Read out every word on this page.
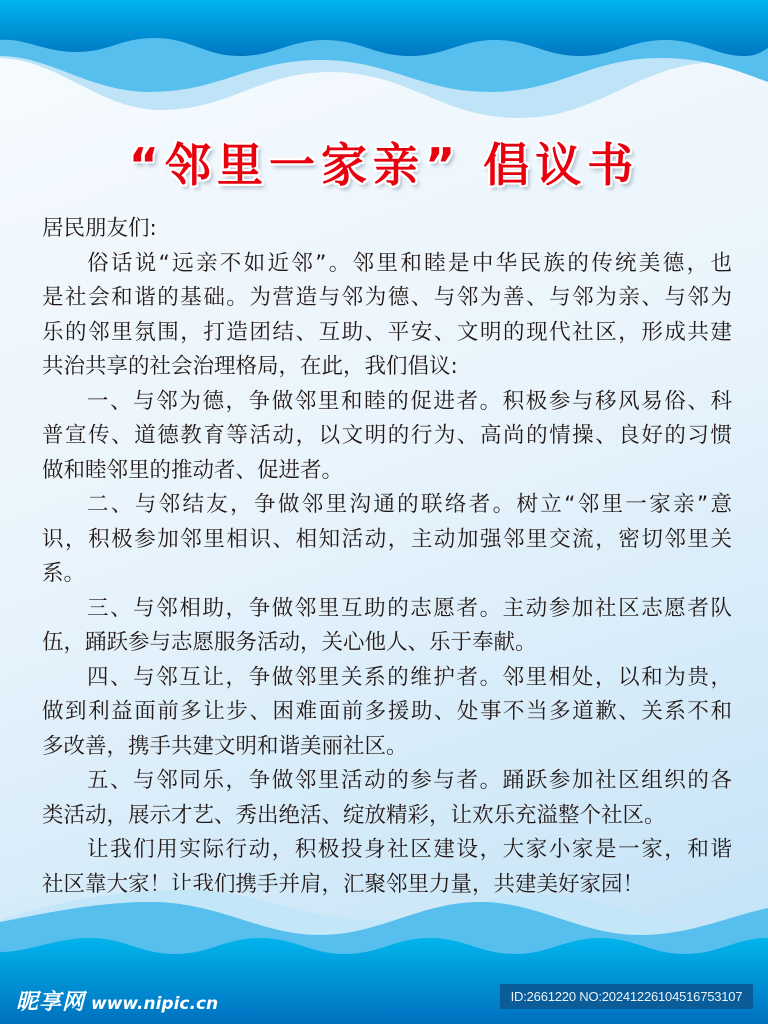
“邻里一家亲” 倡议书
居民朋友们:
俗话说“远亲不如近邻”。邻里和睦是中华民族的传统美德，也
是社会和谐的基础。为营造与邻为德、与邻为善、与邻为亲、与邻为
乐的邻里氛围，打造团结、互助、平安、文明的现代社区，形成共建
共治共享的社会治理格局，在此，我们倡议:
一、与邻为德，争做邻里和睦的促进者。积极参与移风易俗、科
普宣传、道德教育等活动，以文明的行为、高尚的情操、良好的习惯
做和睦邻里的推动者、促进者。
二、与邻结友，争做邻里沟通的联络者。树立“邻里一家亲”意
识，积极参加邻里相识、相知活动，主动加强邻里交流，密切邻里关
系。
三、与邻相助，争做邻里互助的志愿者。主动参加社区志愿者队
伍，踊跃参与志愿服务活动，关心他人、乐于奉献。
四、与邻互让，争做邻里关系的维护者。邻里相处，以和为贵，
做到利益面前多让步、困难面前多援助、处事不当多道歉、关系不和
多改善，携手共建文明和谐美丽社区。
五、与邻同乐，争做邻里活动的参与者。踊跃参加社区组织的各
类活动，展示才艺、秀出绝活、绽放精彩，让欢乐充溢整个社区。
让我们用实际行动，积极投身社区建设，大家小家是一家，和谐
社区靠大家！让我们携手并肩，汇聚邻里力量，共建美好家园！
昵享网 www.nipic.cn	ID:2661220 NO:20241226104516753107
